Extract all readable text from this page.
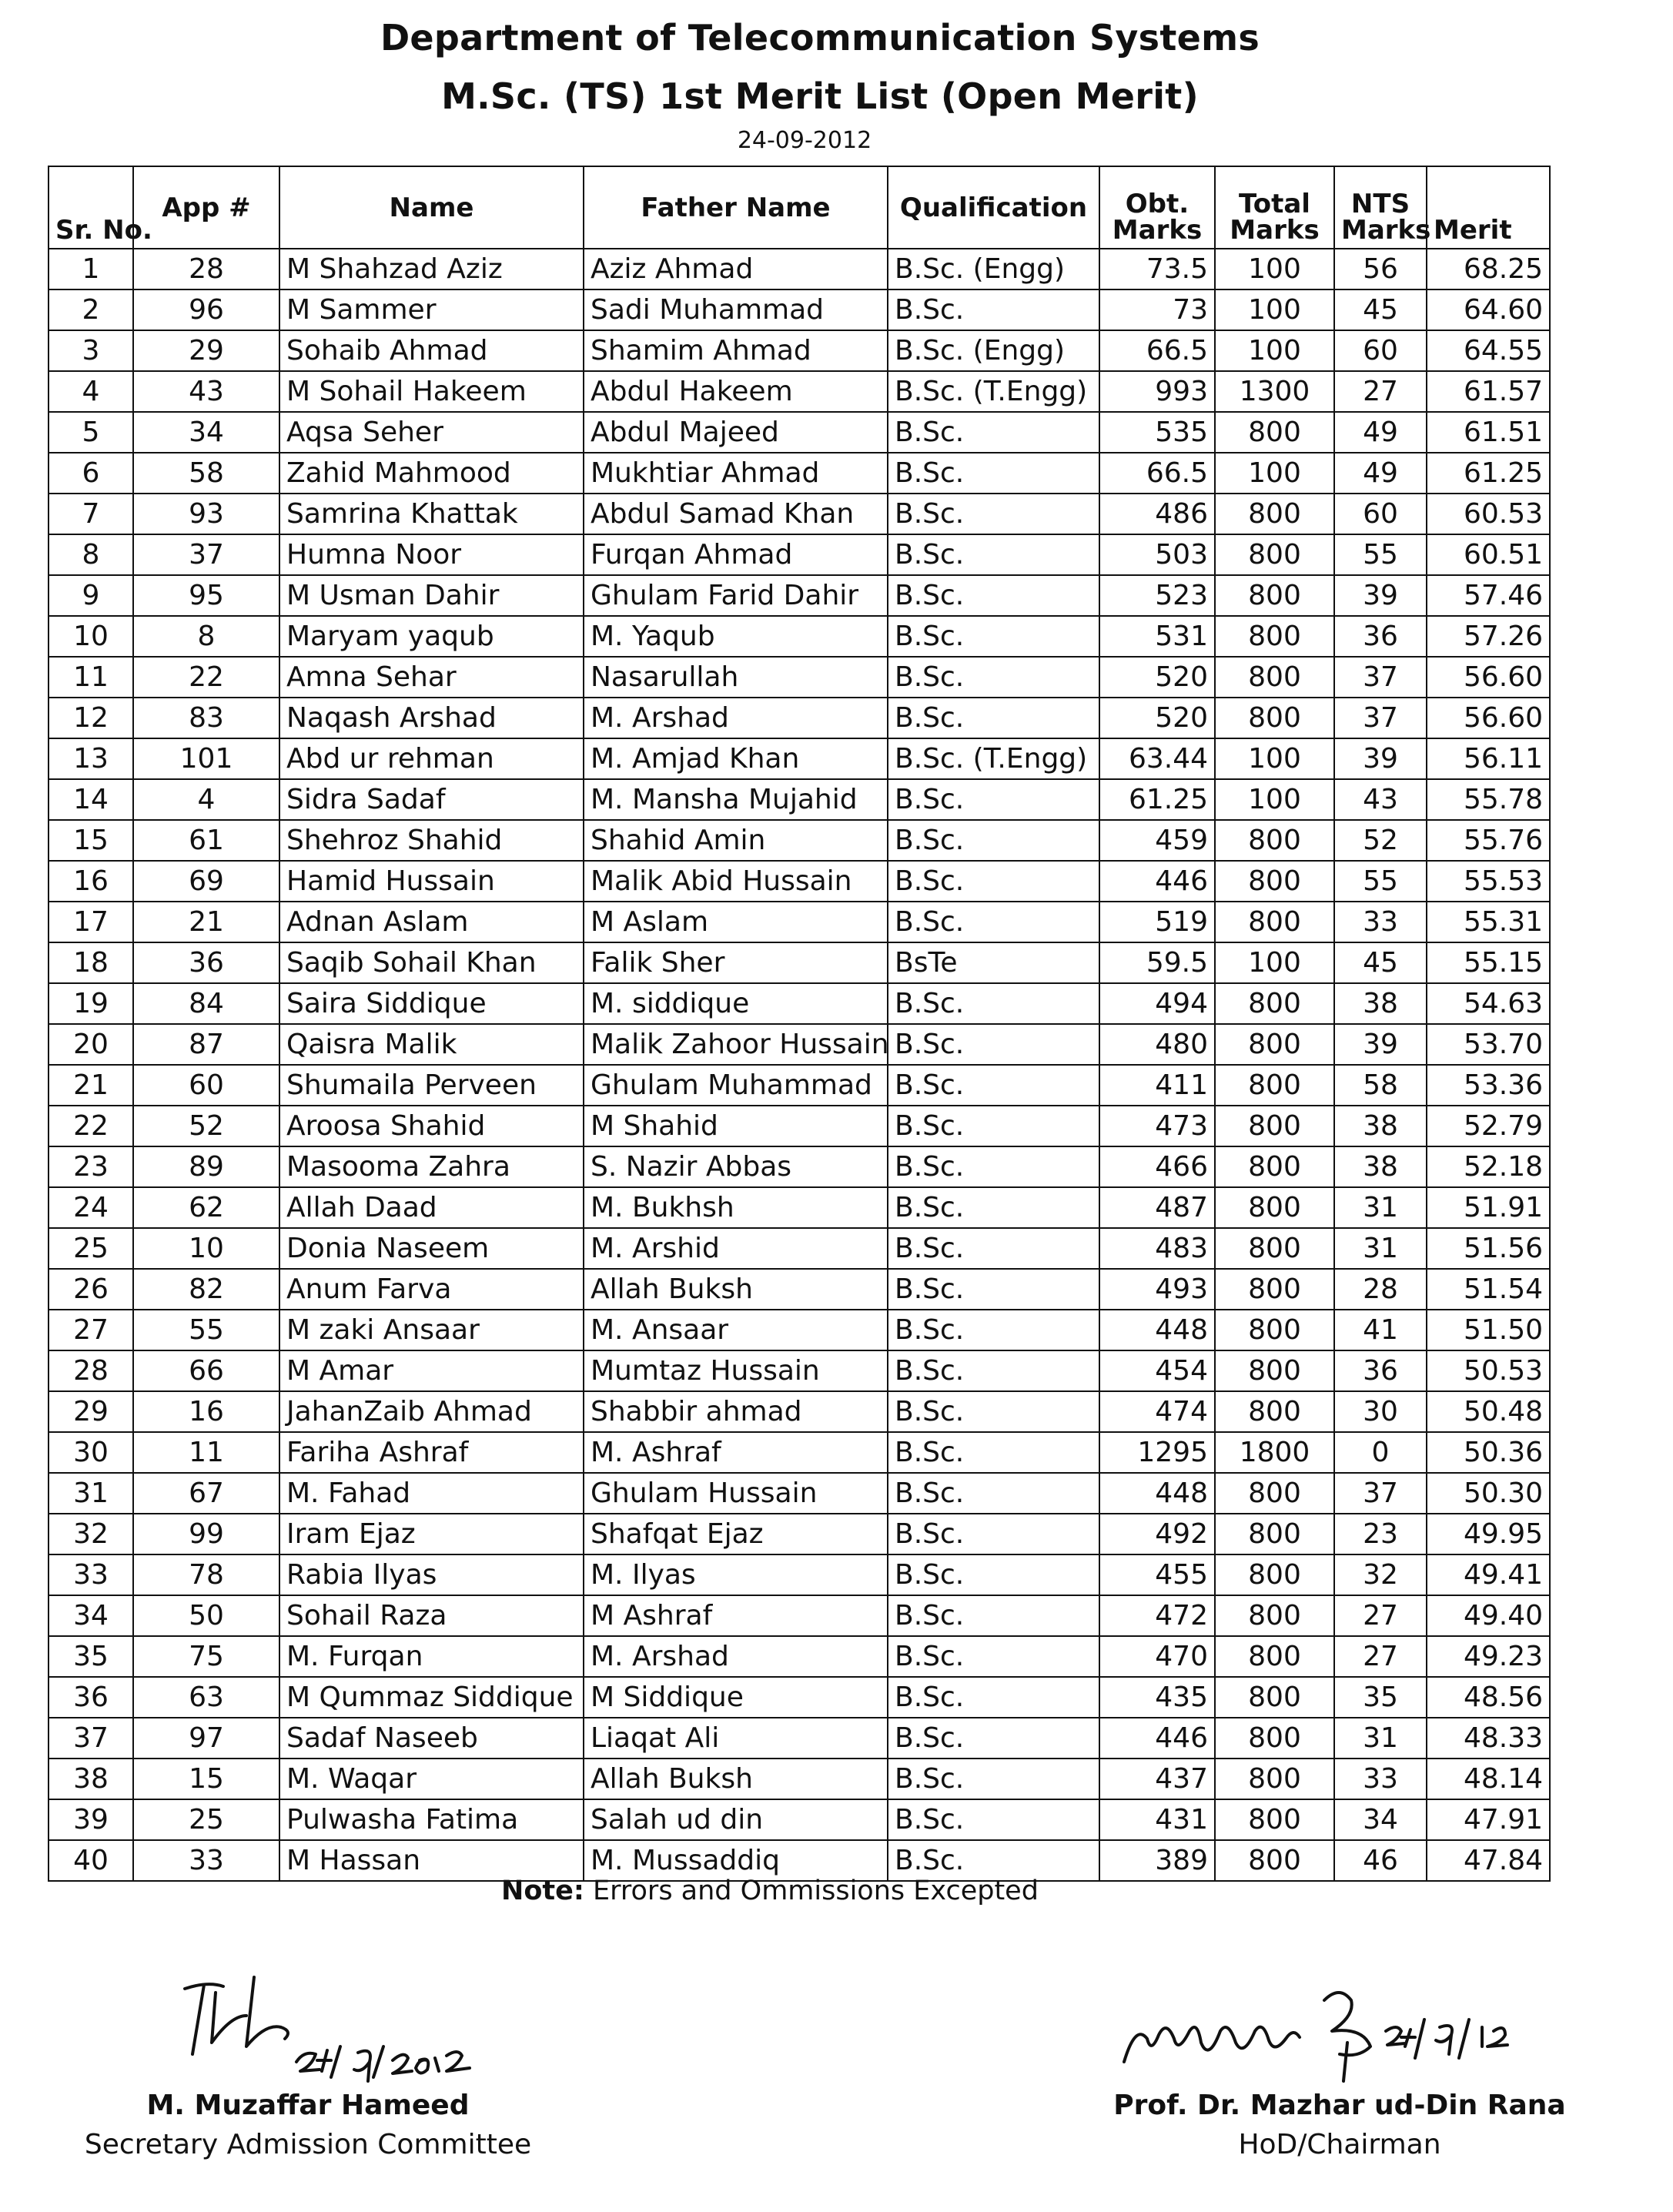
Department of Telecommunication Systems
M.Sc. (TS) 1st Merit List (Open Merit)
24-09-2012
Sr. No.	App #	Name	Father Name	Qualification	Obt. Marks	Total Marks	NTS Marks	Merit
1	28	M Shahzad Aziz	Aziz Ahmad	B.Sc. (Engg)	73.5	100	56	68.25
2	96	M Sammer	Sadi Muhammad	B.Sc.	73	100	45	64.60
3	29	Sohaib Ahmad	Shamim Ahmad	B.Sc. (Engg)	66.5	100	60	64.55
4	43	M Sohail Hakeem	Abdul Hakeem	B.Sc. (T.Engg)	993	1300	27	61.57
5	34	Aqsa Seher	Abdul Majeed	B.Sc.	535	800	49	61.51
6	58	Zahid Mahmood	Mukhtiar Ahmad	B.Sc.	66.5	100	49	61.25
7	93	Samrina Khattak	Abdul Samad Khan	B.Sc.	486	800	60	60.53
8	37	Humna Noor	Furqan Ahmad	B.Sc.	503	800	55	60.51
9	95	M Usman Dahir	Ghulam Farid Dahir	B.Sc.	523	800	39	57.46
10	8	Maryam yaqub	M. Yaqub	B.Sc.	531	800	36	57.26
11	22	Amna Sehar	Nasarullah	B.Sc.	520	800	37	56.60
12	83	Naqash Arshad	M. Arshad	B.Sc.	520	800	37	56.60
13	101	Abd ur rehman	M. Amjad Khan	B.Sc. (T.Engg)	63.44	100	39	56.11
14	4	Sidra Sadaf	M. Mansha Mujahid	B.Sc.	61.25	100	43	55.78
15	61	Shehroz Shahid	Shahid Amin	B.Sc.	459	800	52	55.76
16	69	Hamid Hussain	Malik Abid Hussain	B.Sc.	446	800	55	55.53
17	21	Adnan Aslam	M Aslam	B.Sc.	519	800	33	55.31
18	36	Saqib Sohail Khan	Falik Sher	BsTe	59.5	100	45	55.15
19	84	Saira Siddique	M. siddique	B.Sc.	494	800	38	54.63
20	87	Qaisra Malik	Malik Zahoor Hussain	B.Sc.	480	800	39	53.70
21	60	Shumaila Perveen	Ghulam Muhammad	B.Sc.	411	800	58	53.36
22	52	Aroosa Shahid	M Shahid	B.Sc.	473	800	38	52.79
23	89	Masooma Zahra	S. Nazir Abbas	B.Sc.	466	800	38	52.18
24	62	Allah Daad	M. Bukhsh	B.Sc.	487	800	31	51.91
25	10	Donia Naseem	M. Arshid	B.Sc.	483	800	31	51.56
26	82	Anum Farva	Allah Buksh	B.Sc.	493	800	28	51.54
27	55	M zaki Ansaar	M. Ansaar	B.Sc.	448	800	41	51.50
28	66	M Amar	Mumtaz Hussain	B.Sc.	454	800	36	50.53
29	16	JahanZaib Ahmad	Shabbir ahmad	B.Sc.	474	800	30	50.48
30	11	Fariha Ashraf	M. Ashraf	B.Sc.	1295	1800	0	50.36
31	67	M. Fahad	Ghulam Hussain	B.Sc.	448	800	37	50.30
32	99	Iram Ejaz	Shafqat Ejaz	B.Sc.	492	800	23	49.95
33	78	Rabia Ilyas	M. Ilyas	B.Sc.	455	800	32	49.41
34	50	Sohail Raza	M Ashraf	B.Sc.	472	800	27	49.40
35	75	M. Furqan	M. Arshad	B.Sc.	470	800	27	49.23
36	63	M Qummaz Siddique	M Siddique	B.Sc.	435	800	35	48.56
37	97	Sadaf Naseeb	Liaqat Ali	B.Sc.	446	800	31	48.33
38	15	M. Waqar	Allah Buksh	B.Sc.	437	800	33	48.14
39	25	Pulwasha Fatima	Salah ud din	B.Sc.	431	800	34	47.91
40	33	M Hassan	M. Mussaddiq	B.Sc.	389	800	46	47.84
Note: Errors and Ommissions Excepted
M. Muzaffar Hameed
Secretary Admission Committee
Prof. Dr. Mazhar ud-Din Rana
HoD/Chairman
